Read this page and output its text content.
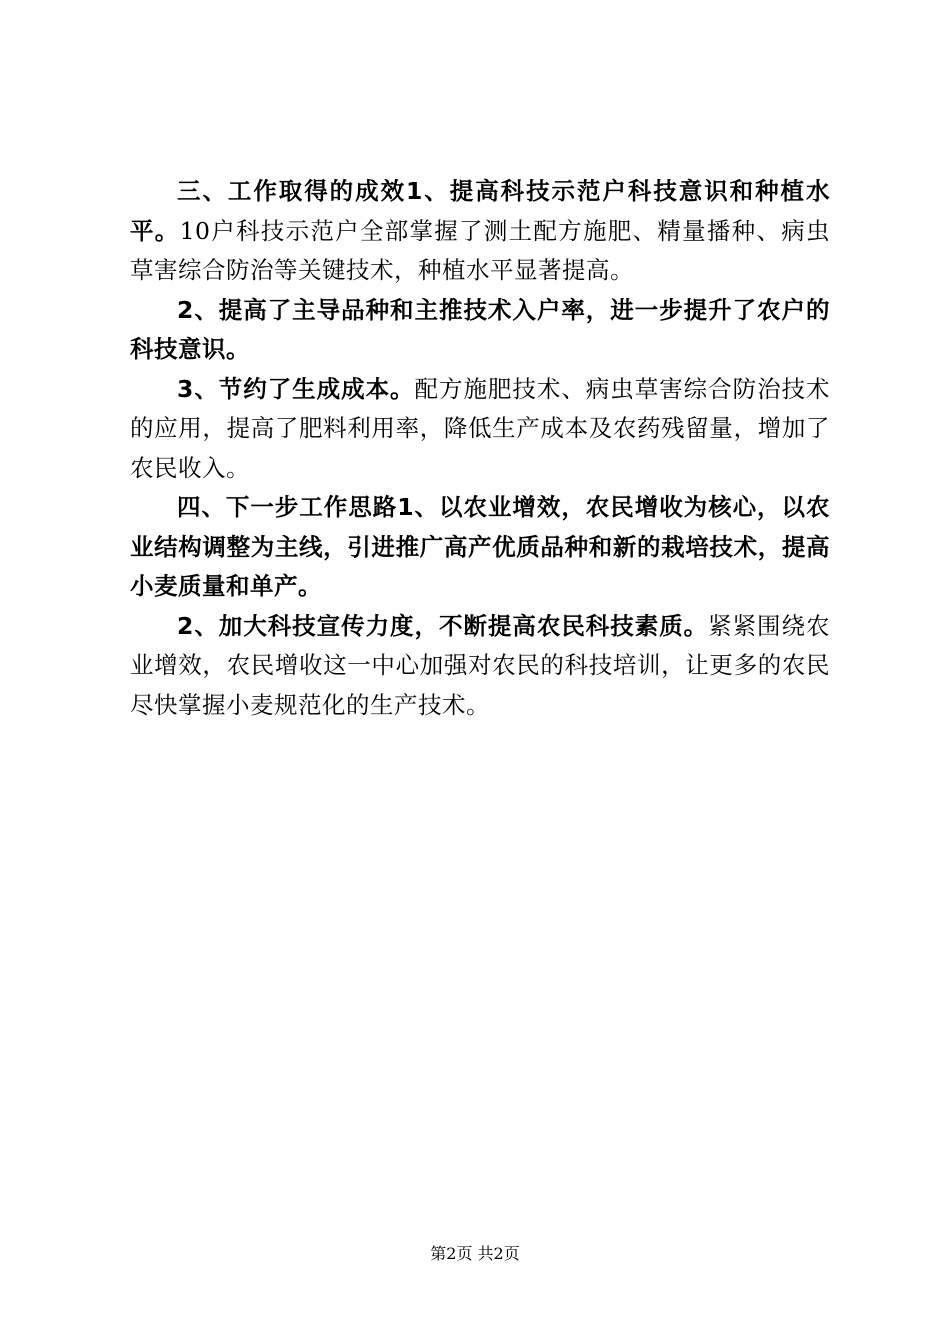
三、工作取得的成效1、提高科技示范户科技意识和种植水平。10户科技示范户全部掌握了测土配方施肥、精量播种、病虫草害综合防治等关键技术，种植水平显著提高。

2、提高了主导品种和主推技术入户率，进一步提升了农户的科技意识。

3、节约了生成成本。配方施肥技术、病虫草害综合防治技术的应用，提高了肥料利用率，降低生产成本及农药残留量，增加了农民收入。

四、下一步工作思路1、以农业增效，农民增收为核心，以农业结构调整为主线，引进推广高产优质品种和新的栽培技术，提高小麦质量和单产。

2、加大科技宣传力度，不断提高农民科技素质。紧紧围绕农业增效，农民增收这一中心加强对农民的科技培训，让更多的农民尽快掌握小麦规范化的生产技术。

第2页 共2页
